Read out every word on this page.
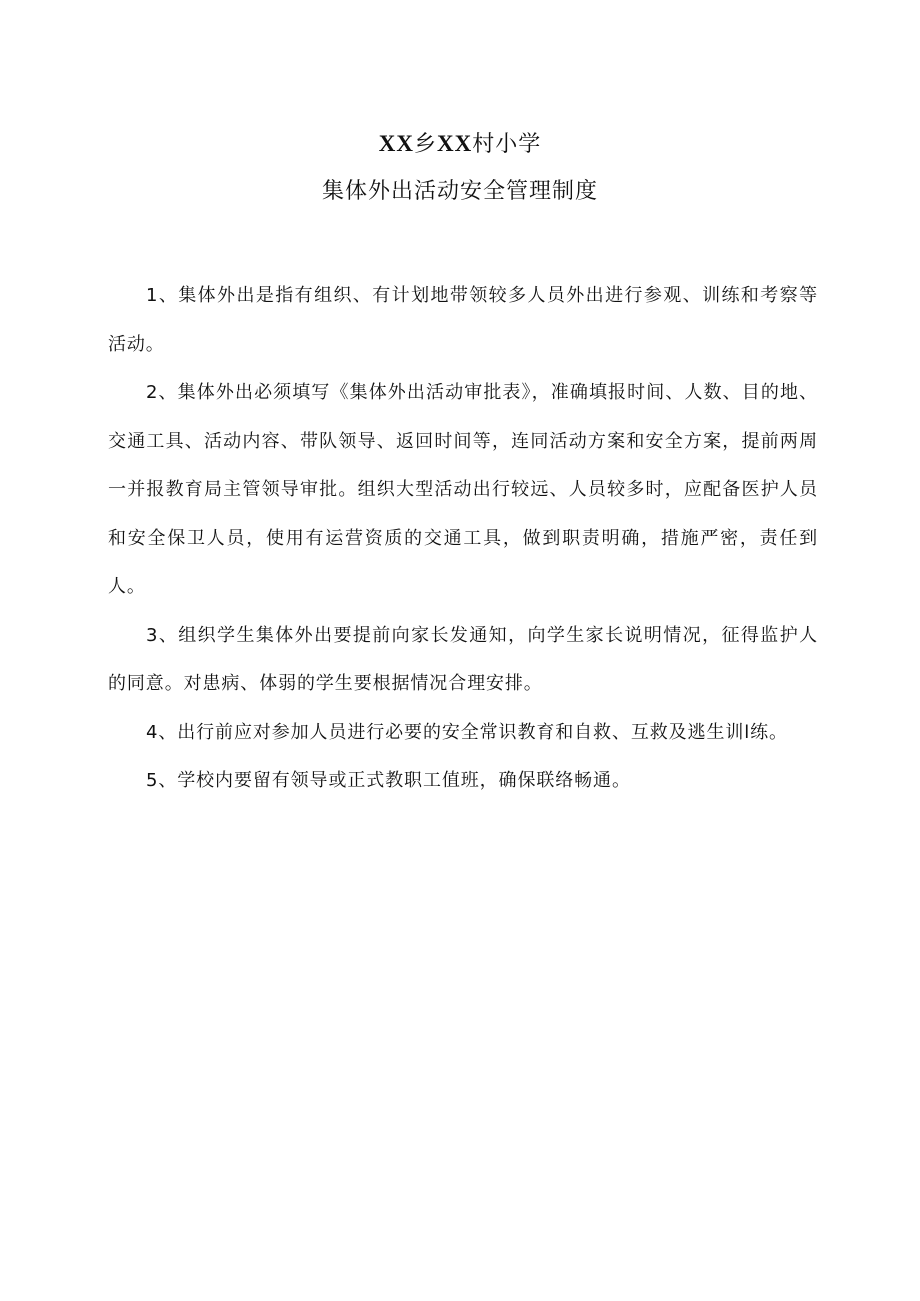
XX乡XX村小学
集体外出活动安全管理制度

1、集体外出是指有组织、有计划地带领较多人员外出进行参观、训练和考察等活动。

2、集体外出必须填写《集体外出活动审批表》，准确填报时间、人数、目的地、交通工具、活动内容、带队领导、返回时间等，连同活动方案和安全方案，提前两周一并报教育局主管领导审批。组织大型活动出行较远、人员较多时，应配备医护人员和安全保卫人员，使用有运营资质的交通工具，做到职责明确，措施严密，责任到人。

3、组织学生集体外出要提前向家长发通知，向学生家长说明情况，征得监护人的同意。对患病、体弱的学生要根据情况合理安排。

4、出行前应对参加人员进行必要的安全常识教育和自救、互救及逃生训l练。

5、学校内要留有领导或正式教职工值班，确保联络畅通。
